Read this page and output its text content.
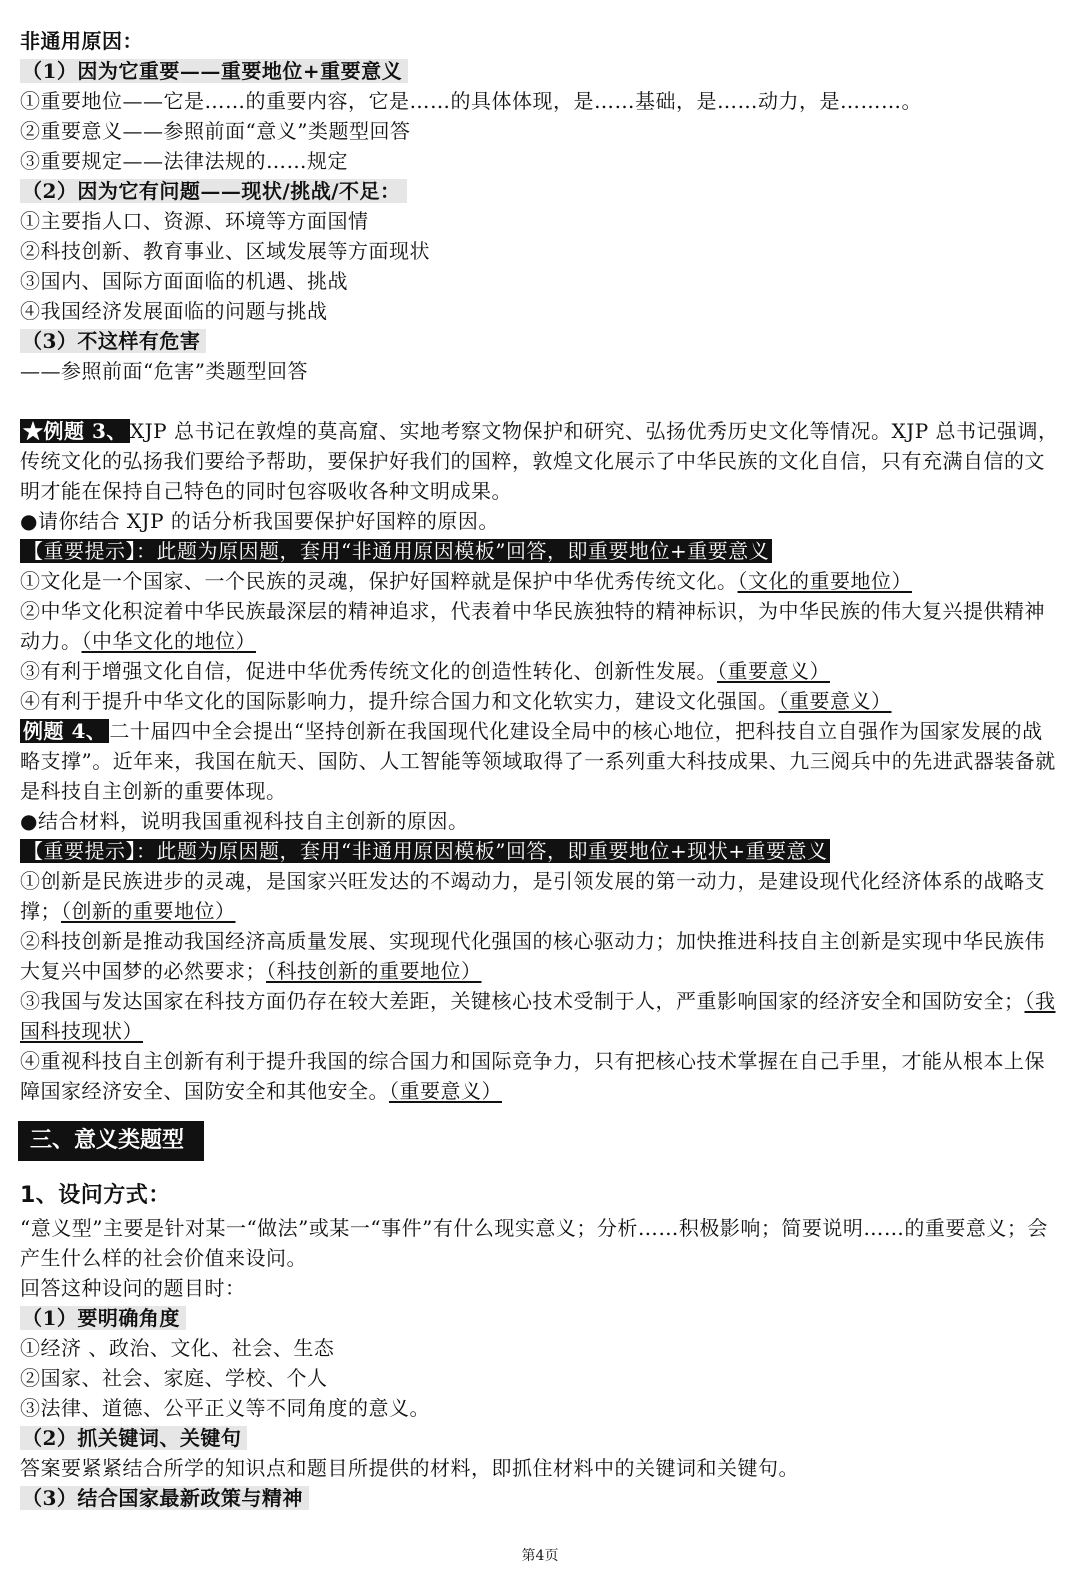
非通用原因：
（1）因为它重要——重要地位+重要意义
①重要地位——它是……的重要内容，它是……的具体体现，是……基础，是……动力，是………。
②重要意义——参照前面“意义”类题型回答
③重要规定——法律法规的……规定
（2）因为它有问题——现状/挑战/不足：
①主要指人口、资源、环境等方面国情
②科技创新、教育事业、区域发展等方面现状
③国内、国际方面面临的机遇、挑战
④我国经济发展面临的问题与挑战
（3）不这样有危害
——参照前面“危害”类题型回答
★例题 3、 XJP 总书记在敦煌的莫高窟、实地考察文物保护和研究、弘扬优秀历史文化等情况。XJP 总书记强调，传统文化的弘扬我们要给予帮助，要保护好我们的国粹，敦煌文化展示了中华民族的文化自信，只有充满自信的文明才能在保持自己特色的同时包容吸收各种文明成果。
●请你结合 XJP 的话分析我国要保护好国粹的原因。
【重要提示】：此题为原因题，套用“非通用原因模板”回答，即重要地位+重要意义
①文化是一个国家、一个民族的灵魂，保护好国粹就是保护中华优秀传统文化。（文化的重要地位）
②中华文化积淀着中华民族最深层的精神追求，代表着中华民族独特的精神标识，为中华民族的伟大复兴提供精神动力。（中华文化的地位）
③有利于增强文化自信，促进中华优秀传统文化的创造性转化、创新性发展。（重要意义）
④有利于提升中华文化的国际影响力，提升综合国力和文化软实力，建设文化强国。（重要意义）
例题 4、 二十届四中全会提出“坚持创新在我国现代化建设全局中的核心地位，把科技自立自强作为国家发展的战略支撑”。近年来，我国在航天、国防、人工智能等领域取得了一系列重大科技成果、九三阅兵中的先进武器装备就是科技自主创新的重要体现。
●结合材料，说明我国重视科技自主创新的原因。
【重要提示】：此题为原因题，套用“非通用原因模板”回答，即重要地位+现状+重要意义
①创新是民族进步的灵魂，是国家兴旺发达的不竭动力，是引领发展的第一动力，是建设现代化经济体系的战略支撑；（创新的重要地位）
②科技创新是推动我国经济高质量发展、实现现代化强国的核心驱动力；加快推进科技自主创新是实现中华民族伟大复兴中国梦的必然要求；（科技创新的重要地位）
③我国与发达国家在科技方面仍存在较大差距，关键核心技术受制于人，严重影响国家的经济安全和国防安全；（我国科技现状）
④重视科技自主创新有利于提升我国的综合国力和国际竞争力，只有把核心技术掌握在自己手里，才能从根本上保障国家经济安全、国防安全和其他安全。（重要意义）
三、意义类题型
1、设问方式：
“意义型”主要是针对某一“做法”或某一“事件”有什么现实意义；分析……积极影响；简要说明……的重要意义；会产生什么样的社会价值来设问。
回答这种设问的题目时：
（1）要明确角度
①经济 、政治、文化、社会、生态
②国家、社会、家庭、学校、个人
③法律、道德、公平正义等不同角度的意义。
（2）抓关键词、关键句
答案要紧紧结合所学的知识点和题目所提供的材料，即抓住材料中的关键词和关键句。
（3）结合国家最新政策与精神
第4页
